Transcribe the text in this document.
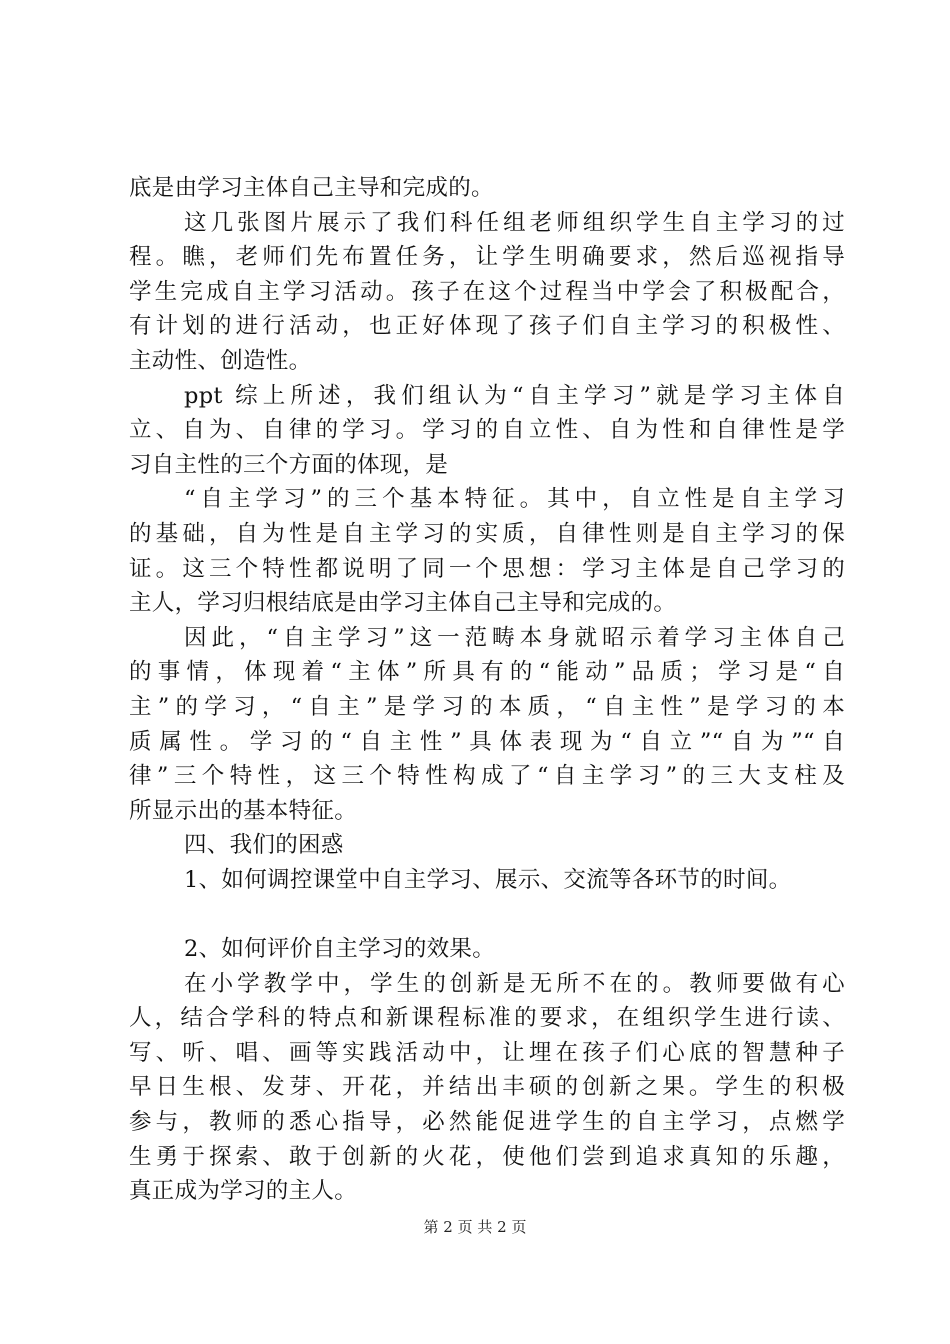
底是由学习主体自己主导和完成的。
这几张图片展示了我们科任组老师组织学生自主学习的过
程。瞧，老师们先布置任务，让学生明确要求，然后巡视指导
学生完成自主学习活动。孩子在这个过程当中学会了积极配合，
有计划的进行活动，也正好体现了孩子们自主学习的积极性、
主动性、创造性。
ppt 综上所述，我们组认为“自主学习”就是学习主体自
立、自为、自律的学习。学习的自立性、自为性和自律性是学
习自主性的三个方面的体现，是
“自主学习”的三个基本特征。其中，自立性是自主学习
的基础，自为性是自主学习的实质，自律性则是自主学习的保
证。这三个特性都说明了同一个思想：学习主体是自己学习的
主人，学习归根结底是由学习主体自己主导和完成的。
因此，“自主学习”这一范畴本身就昭示着学习主体自己
的事情，体现着“主体”所具有的“能动”品质；学习是“自
主”的学习，“自主”是学习的本质，“自主性”是学习的本
质属性。学习的“自主性”具体表现为“自立”“自为”“自
律”三个特性，这三个特性构成了“自主学习”的三大支柱及
所显示出的基本特征。
四、我们的困惑
1、如何调控课堂中自主学习、展示、交流等各环节的时间。
2、如何评价自主学习的效果。
在小学教学中，学生的创新是无所不在的。教师要做有心
人，结合学科的特点和新课程标准的要求，在组织学生进行读、
写、听、唱、画等实践活动中，让埋在孩子们心底的智慧种子
早日生根、发芽、开花，并结出丰硕的创新之果。学生的积极
参与，教师的悉心指导，必然能促进学生的自主学习，点燃学
生勇于探索、敢于创新的火花，使他们尝到追求真知的乐趣，
真正成为学习的主人。
第 2 页 共 2 页
